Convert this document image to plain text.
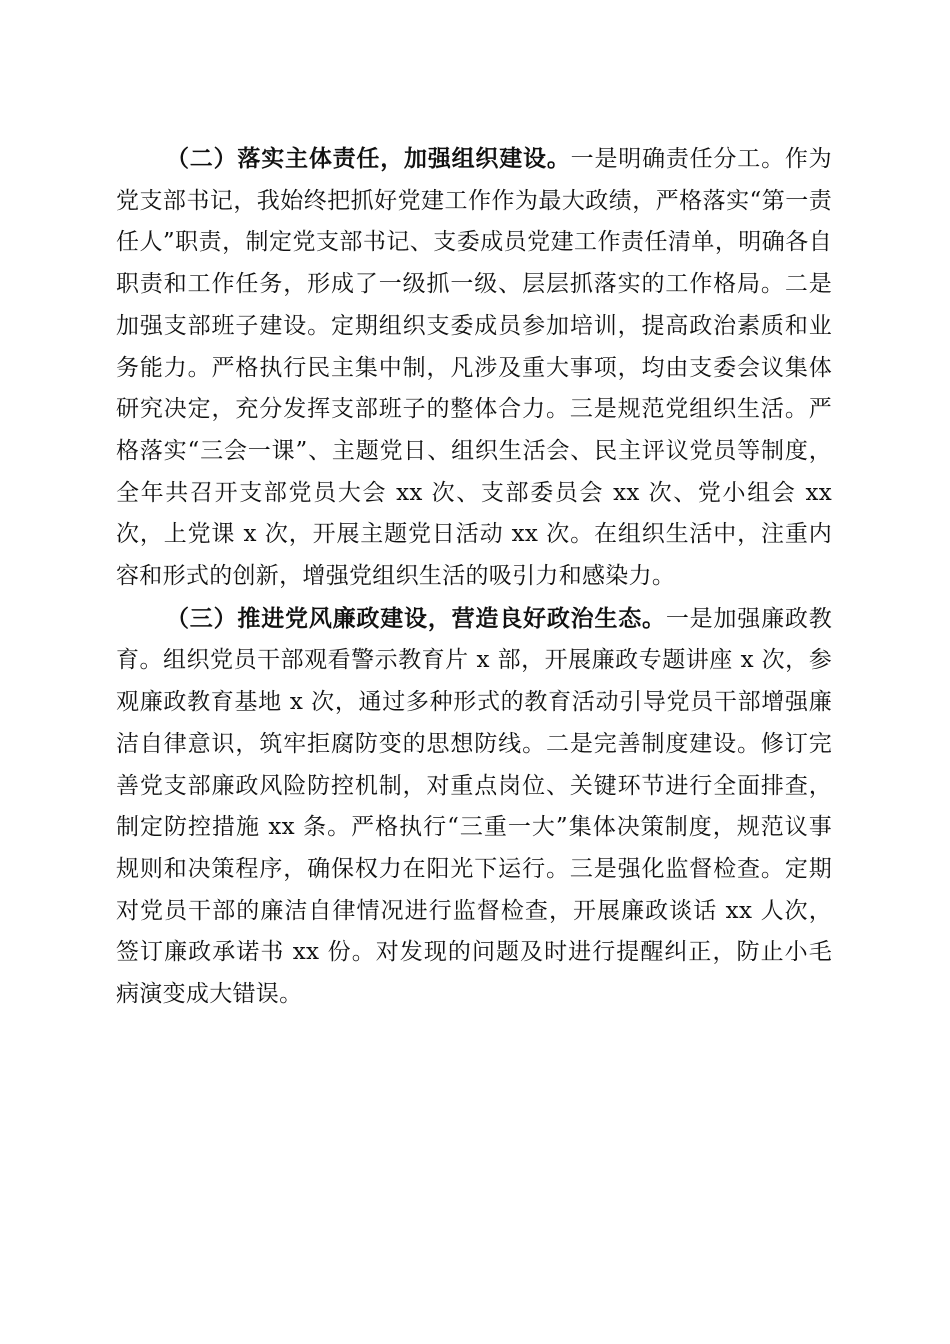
（二）落实主体责任，加强组织建设。一是明确责任分工。作为党支部书记，我始终把抓好党建工作作为最大政绩，严格落实“第一责任人”职责，制定党支部书记、支委成员党建工作责任清单，明确各自职责和工作任务，形成了一级抓一级、层层抓落实的工作格局。二是加强支部班子建设。定期组织支委成员参加培训，提高政治素质和业务能力。严格执行民主集中制，凡涉及重大事项，均由支委会议集体研究决定，充分发挥支部班子的整体合力。三是规范党组织生活。严格落实“三会一课”、主题党日、组织生活会、民主评议党员等制度，全年共召开支部党员大会 xx 次、支部委员会 xx 次、党小组会 xx 次，上党课 x 次，开展主题党日活动 xx 次。在组织生活中，注重内容和形式的创新，增强党组织生活的吸引力和感染力。

（三）推进党风廉政建设，营造良好政治生态。一是加强廉政教育。组织党员干部观看警示教育片 x 部，开展廉政专题讲座 x 次，参观廉政教育基地 x 次，通过多种形式的教育活动引导党员干部增强廉洁自律意识，筑牢拒腐防变的思想防线。二是完善制度建设。修订完善党支部廉政风险防控机制，对重点岗位、关键环节进行全面排查，制定防控措施 xx 条。严格执行“三重一大”集体决策制度，规范议事规则和决策程序，确保权力在阳光下运行。三是强化监督检查。定期对党员干部的廉洁自律情况进行监督检查，开展廉政谈话 xx 人次，签订廉政承诺书 xx 份。对发现的问题及时进行提醒纠正，防止小毛病演变成大错误。
